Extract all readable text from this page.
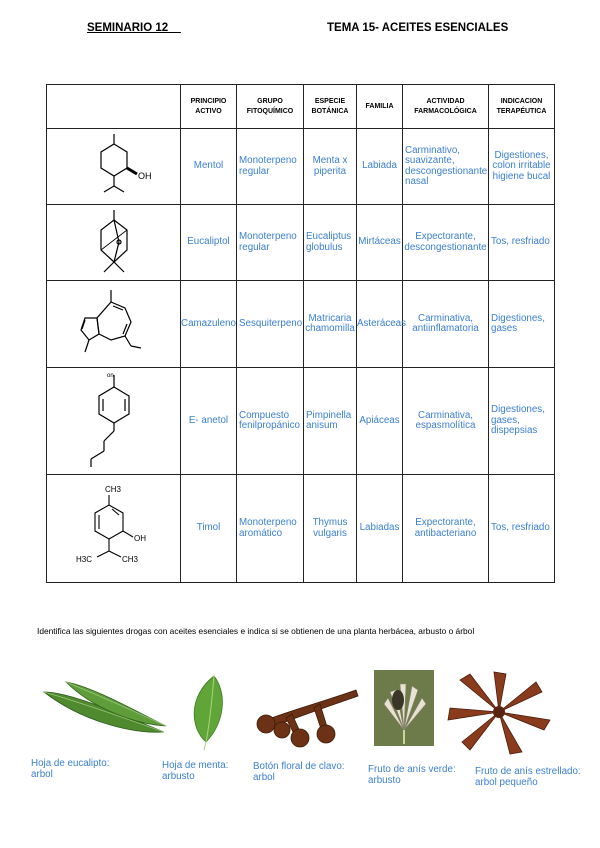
SEMINARIO 12	TEMA 15- ACEITES ESENCIALES
	PRINCIPIO ACTIVO	GRUPO FITOQUÍMICO	ESPECIE BOTÁNICA	FAMILIA	ACTIVIDAD FARMACOLÓGICA	INDICACION TERAPÉUTICA

OH	Mentol	Monoterpeno regular	Menta x piperita	Labiada	Carminativo, suavizante, descongestionante nasal	Digestiones, colon irritable higiene bucal

	Eucaliptol	Monoterpeno regular	Eucaliptus globulus	Mirtáceas	Expectorante, descongestionante	Tos, resfriado

	Camazuleno	Sesquiterpeno	Matricaria chamomilla	Asteráceas	Carminativa, antiinflamatoria	Digestiones, gases

on	E- anetol	Compuesto fenilpropánico	Pimpinella anisum	Apiáceas	Carminativa, espasmolítica	Digestiones, gases, dispepsias

CH3
OH
H3C CH3	Timol	Monoterpeno aromático	Thymus vulgaris	Labiadas	Expectorante, antibacteriano	Tos, resfriado
Identifica las siguientes drogas con aceites esenciales e indica si se obtienen de una planta herbácea, arbusto o árbol
Hoja de eucalipto:
arbol
Hoja de menta:
arbusto
Botón floral de clavo:
arbol
Fruto de anís verde:
arbusto
Fruto de anís estrellado:
arbol pequeño
